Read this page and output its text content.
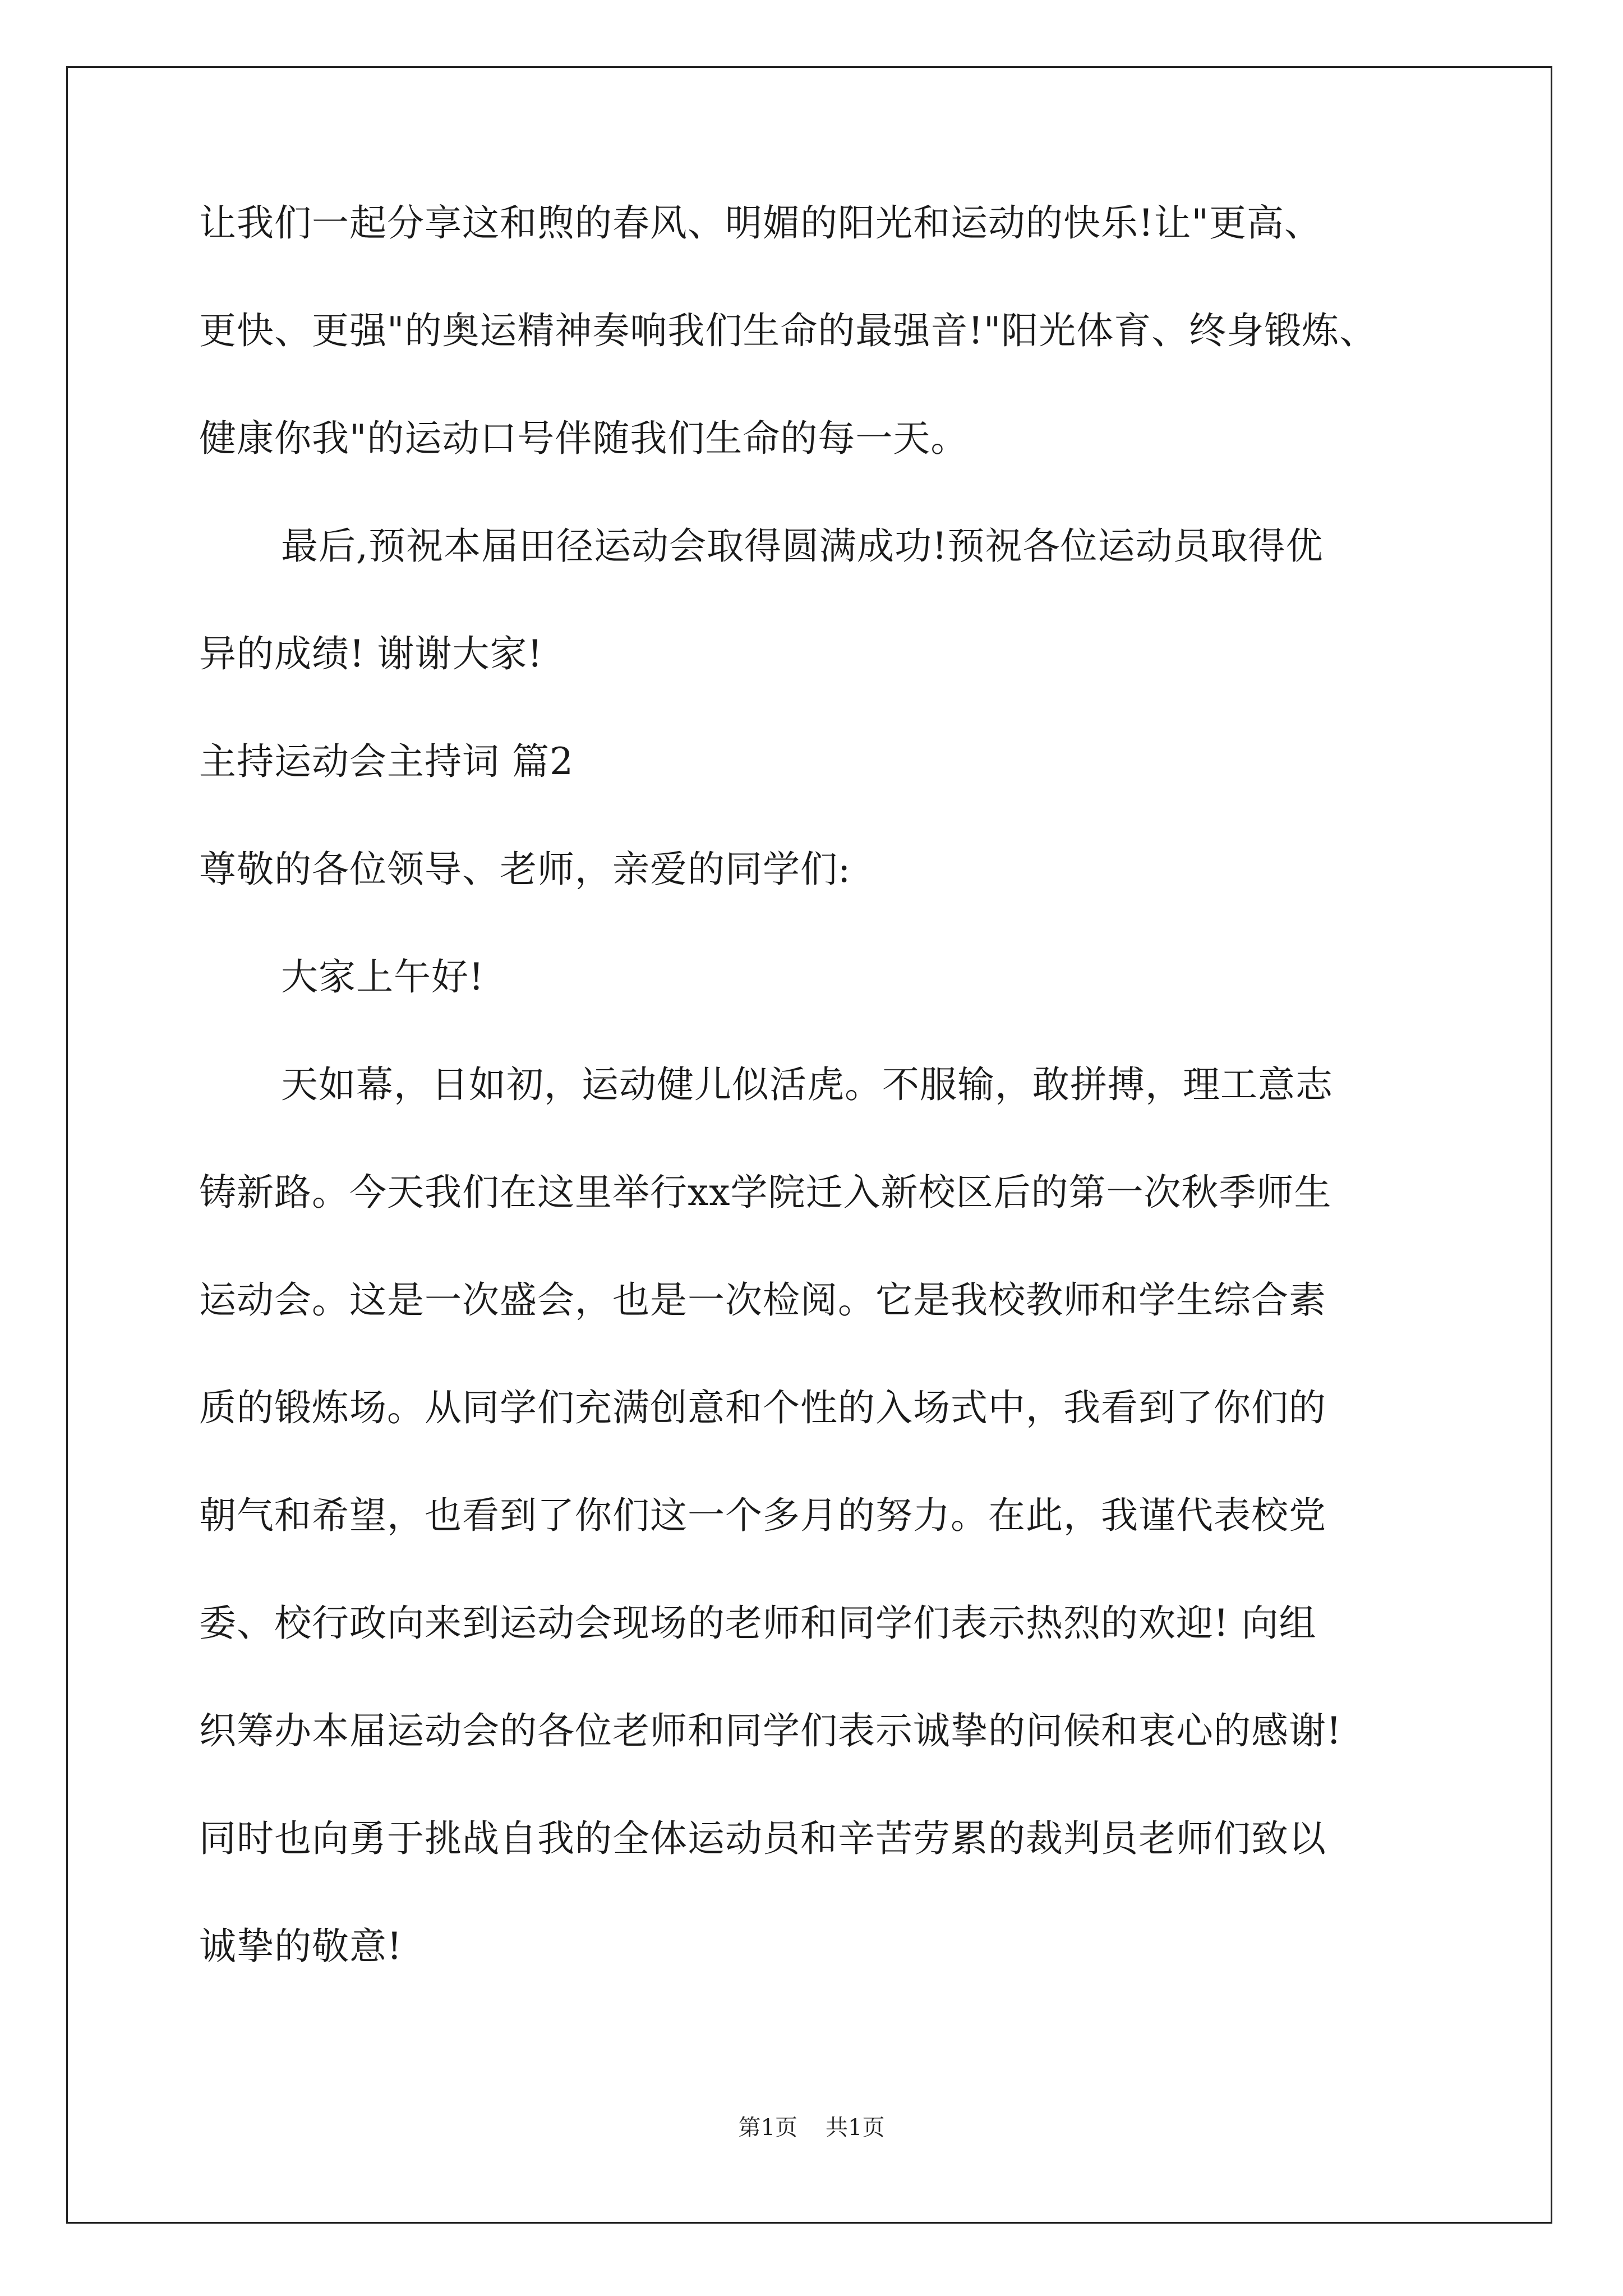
让我们一起分享这和煦的春风、明媚的阳光和运动的快乐!让"更高、
更快、更强"的奥运精神奏响我们生命的最强音!"阳光体育、终身锻炼、
健康你我"的运动口号伴随我们生命的每一天。
最后,预祝本届田径运动会取得圆满成功!预祝各位运动员取得优
异的成绩! 谢谢大家!
主持运动会主持词 篇2
尊敬的各位领导、老师，亲爱的同学们:
大家上午好!
天如幕，日如初，运动健儿似活虎。不服输，敢拼搏，理工意志
铸新路。今天我们在这里举行xx学院迁入新校区后的第一次秋季师生
运动会。这是一次盛会，也是一次检阅。它是我校教师和学生综合素
质的锻炼场。从同学们充满创意和个性的入场式中，我看到了你们的
朝气和希望，也看到了你们这一个多月的努力。在此，我谨代表校党
委、校行政向来到运动会现场的老师和同学们表示热烈的欢迎! 向组
织筹办本届运动会的各位老师和同学们表示诚挚的问候和衷心的感谢!
同时也向勇于挑战自我的全体运动员和辛苦劳累的裁判员老师们致以
诚挚的敬意!
第1页 共1页
